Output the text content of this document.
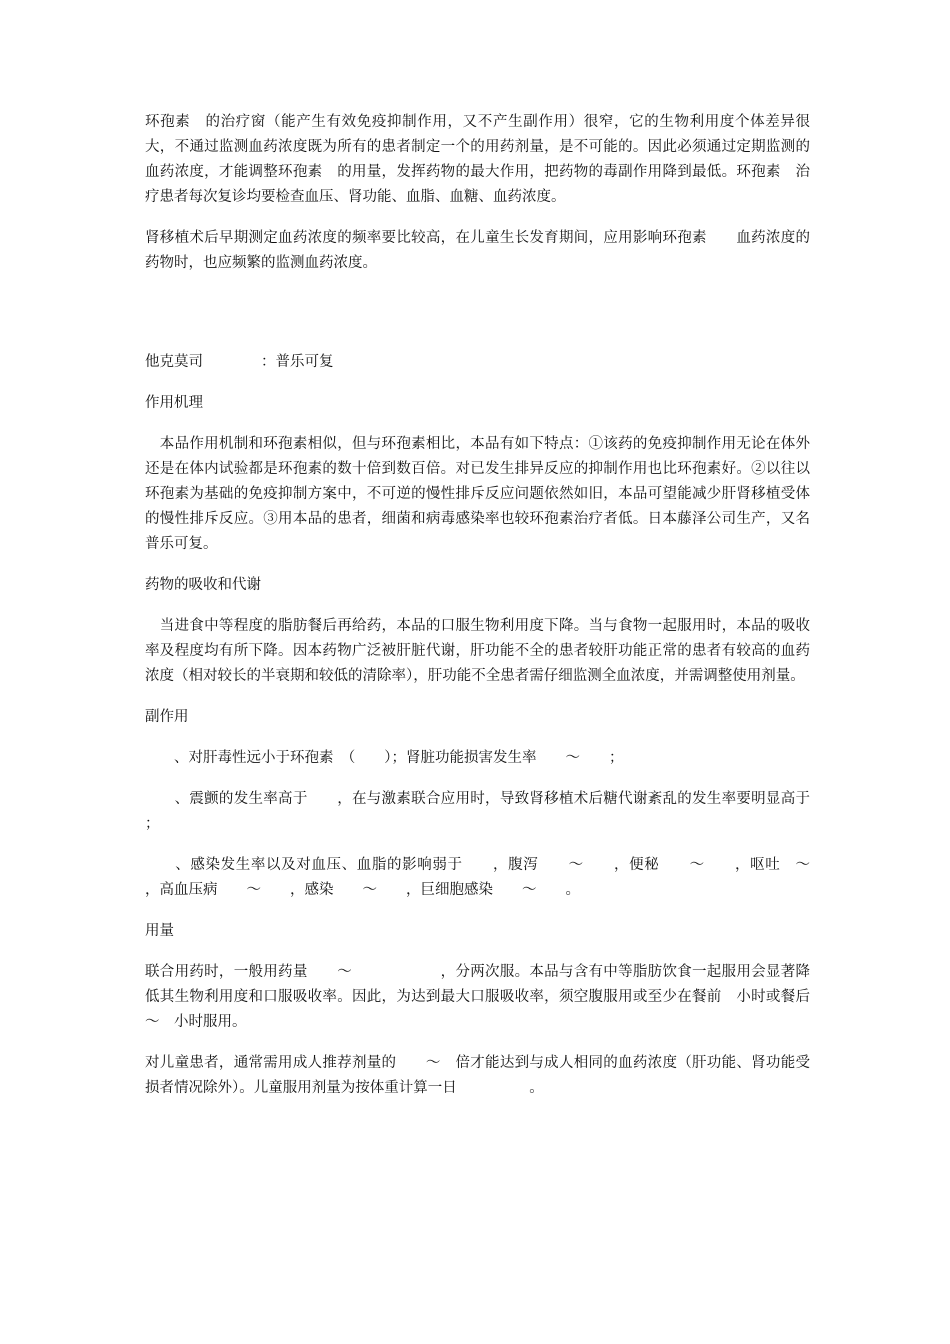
环孢素　的治疗窗（能产生有效免疫抑制作用，又不产生副作用）很窄，它的生物利用度个体差异很大，不通过监测血药浓度既为所有的患者制定一个的用药剂量，是不可能的。因此必须通过定期监测的血药浓度，才能调整环孢素　的用量，发挥药物的最大作用，把药物的毒副作用降到最低。环孢素　治疗患者每次复诊均要检查血压、肾功能、血脂、血糖、血药浓度。

肾移植术后早期测定血药浓度的频率要比较高，在儿童生长发育期间，应用影响环孢素　　血药浓度的药物时，也应频繁的监测血药浓度。

他克莫司　　　　：普乐可复

作用机理

　本品作用机制和环孢素相似，但与环孢素相比，本品有如下特点：①该药的免疫抑制作用无论在体外还是在体内试验都是环孢素的数十倍到数百倍。对已发生排异反应的抑制作用也比环孢素好。②以往以环孢素为基础的免疫抑制方案中，不可逆的慢性排斥反应问题依然如旧，本品可望能减少肝肾移植受体的慢性排斥反应。③用本品的患者，细菌和病毒感染率也较环孢素治疗者低。日本藤泽公司生产，又名普乐可复。

药物的吸收和代谢

　当进食中等程度的脂肪餐后再给药，本品的口服生物利用度下降。当与食物一起服用时，本品的吸收率及程度均有所下降。因本药物广泛被肝脏代谢，肝功能不全的患者较肝功能正常的患者有较高的血药浓度（相对较长的半衰期和较低的清除率），肝功能不全患者需仔细监测全血浓度，并需调整使用剂量。

副作用

　　、对肝毒性远小于环孢素　（　　）；肾脏功能损害发生率　　～　　；

　　、震颤的发生率高于　　，在与激素联合应用时，导致肾移植术后糖代谢紊乱的发生率要明显高于　　；

　　、感染发生率以及对血压、血脂的影响弱于　　，腹泻　　～　　，便秘　　～　　，呕吐　～　　，高血压病　　～　　，感染　　～　　，巨细胞感染　　～　　。

用量

联合用药时，一般用药量　　～　　　　　　，分两次服。本品与含有中等脂肪饮食一起服用会显著降低其生物利用度和口服吸收率。因此，为达到最大口服吸收率，须空腹服用或至少在餐前　小时或餐后　～　小时服用。

对儿童患者，通常需用成人推荐剂量的　　～　倍才能达到与成人相同的血药浓度（肝功能、肾功能受损者情况除外）。儿童服用剂量为按体重计算一日　　　　　。
